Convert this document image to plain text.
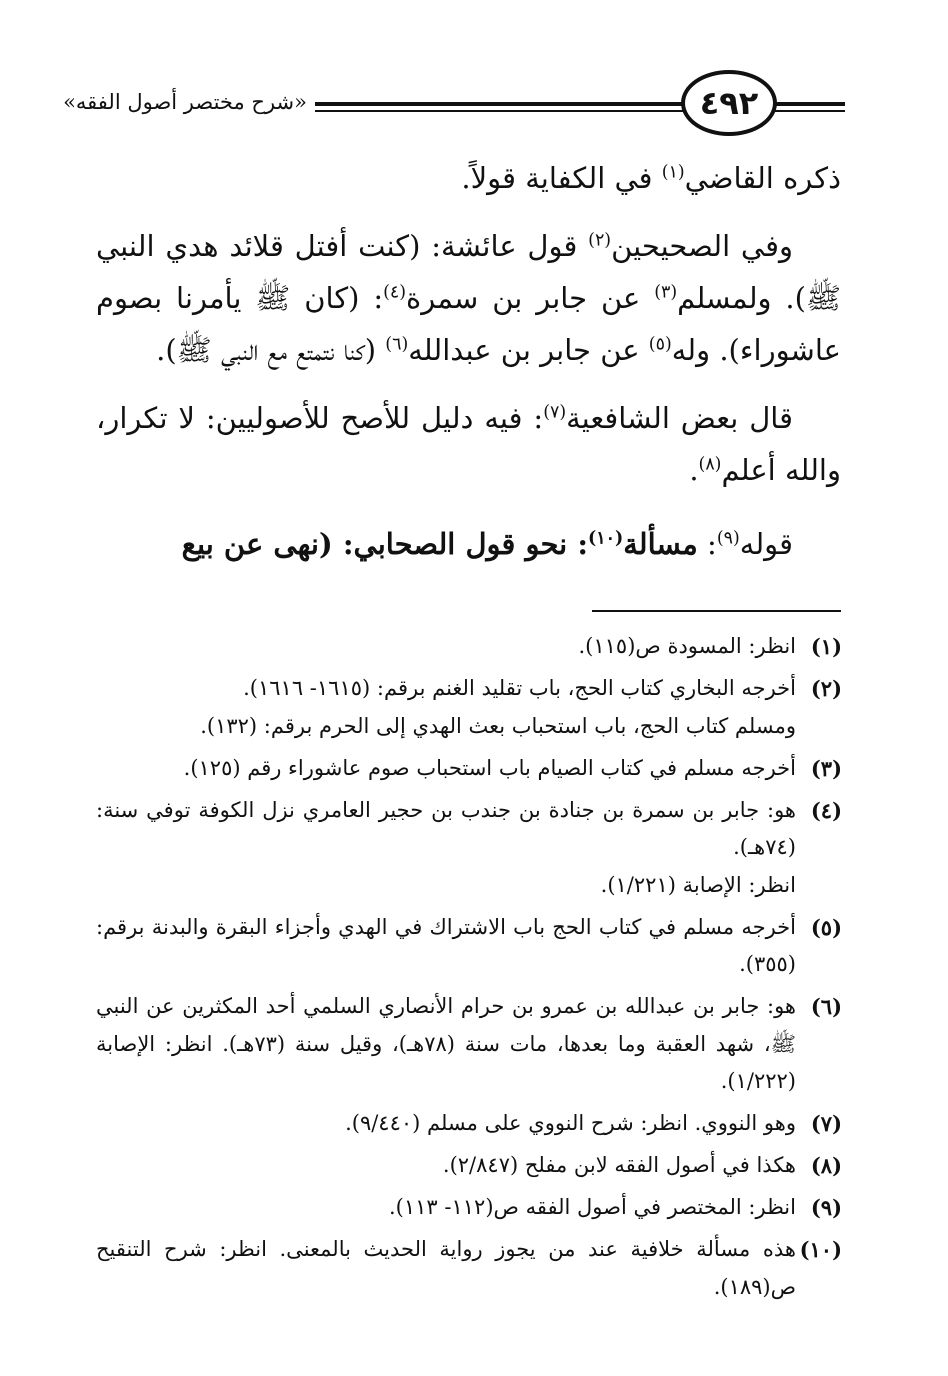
«شرح مختصر أصول الفقه»	٤٩٢

ذكره القاضي$^{(١)}$ في الكفاية قولاً.

وفي الصحيحين$^{(٢)}$ قول عائشة: (كنت أفتل قلائد هدي النبي ﷺ). ولمسلم$^{(٣)}$ عن جابر بن سمرة$^{(٤)}$: (كان ﷺ يأمرنا بصوم عاشوراء). وله$^{(٥)}$ عن جابر بن عبدالله$^{(٦)}$ (كنا نتمتع مع النبي ﷺ).

قال بعض الشافعية$^{(٧)}$: فيه دليل للأصح للأصوليين: لا تكرار، والله أعلم$^{(٨)}$.

قوله$^{(٩)}$: مسألة$^{(١٠)}$: نحو قول الصحابي: (نهى عن بيع

(١)
انظر: المسودة ص(١١٥).
(٢)
أخرجه البخاري كتاب الحج، باب تقليد الغنم برقم: (١٦١٥- ١٦١٦).
ومسلم كتاب الحج، باب استحباب بعث الهدي إلى الحرم برقم: (١٣٢).
(٣)
أخرجه مسلم في كتاب الصيام باب استحباب صوم عاشوراء رقم (١٢٥).
(٤)
هو: جابر بن سمرة بن جنادة بن جندب بن حجير العامري نزل الكوفة توفي سنة: (٧٤هـ).
انظر: الإصابة (١/٢٢١).
(٥)
أخرجه مسلم في كتاب الحج باب الاشتراك في الهدي وأجزاء البقرة والبدنة برقم: (٣٥٥).
(٦)
هو: جابر بن عبدالله بن عمرو بن حرام الأنصاري السلمي أحد المكثرين عن النبي ﷺ، شهد العقبة وما بعدها، مات سنة (٧٨هـ)، وقيل سنة (٧٣هـ). انظر: الإصابة (١/٢٢٢).
(٧)
وهو النووي. انظر: شرح النووي على مسلم (٩/٤٤٠).
(٨)
هكذا في أصول الفقه لابن مفلح (٢/٨٤٧).
(٩)
انظر: المختصر في أصول الفقه ص(١١٢- ١١٣).
(١٠)
هذه مسألة خلافية عند من يجوز رواية الحديث بالمعنى. انظر: شرح التنقيح ص(١٨٩).
